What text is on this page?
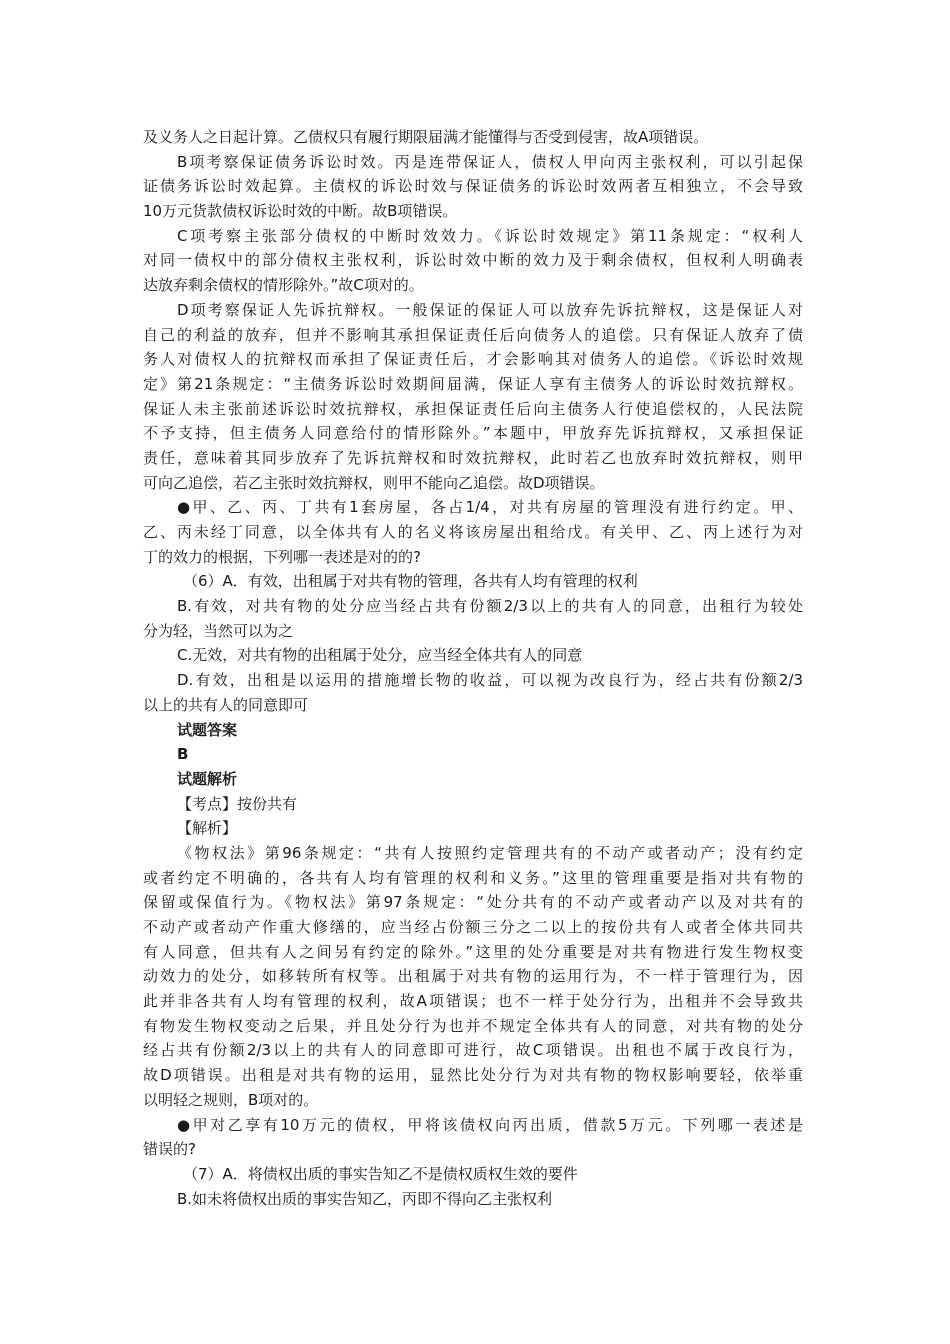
及义务人之日起计算。乙债权只有履行期限届满才能懂得与否受到侵害，故A项错误。
B项考察保证债务诉讼时效。丙是连带保证人，债权人甲向丙主张权利，可以引起保
证债务诉讼时效起算。主债权的诉讼时效与保证债务的诉讼时效两者互相独立，不会导致
10万元货款债权诉讼时效的中断。故B项错误。
C项考察主张部分债权的中断时效效力。《诉讼时效规定》第11条规定：“权利人
对同一债权中的部分债权主张权利，诉讼时效中断的效力及于剩余债权，但权利人明确表
达放弃剩余债权的情形除外。”故C项对的。
D项考察保证人先诉抗辩权。一般保证的保证人可以放弃先诉抗辩权，这是保证人对
自己的利益的放弃，但并不影响其承担保证责任后向债务人的追偿。只有保证人放弃了债
务人对债权人的抗辩权而承担了保证责任后，才会影响其对债务人的追偿。《诉讼时效规
定》第21条规定：“主债务诉讼时效期间届满，保证人享有主债务人的诉讼时效抗辩权。
保证人未主张前述诉讼时效抗辩权，承担保证责任后向主债务人行使追偿权的，人民法院
不予支持，但主债务人同意给付的情形除外。”本题中，甲放弃先诉抗辩权，又承担保证
责任，意味着其同步放弃了先诉抗辩权和时效抗辩权，此时若乙也放弃时效抗辩权，则甲
可向乙追偿，若乙主张时效抗辩权，则甲不能向乙追偿。故D项错误。
●甲、乙、丙、丁共有1套房屋，各占1/4，对共有房屋的管理没有进行约定。甲、
乙、丙未经丁同意，以全体共有人的名义将该房屋出租给戊。有关甲、乙、丙上述行为对
丁的效力的根据，下列哪一表述是对的的?
（6）A．有效，出租属于对共有物的管理，各共有人均有管理的权利
B.有效，对共有物的处分应当经占共有份额2/3以上的共有人的同意，出租行为较处
分为轻，当然可以为之
C.无效，对共有物的出租属于处分，应当经全体共有人的同意
D.有效，出租是以运用的措施增长物的收益，可以视为改良行为，经占共有份额2/3
以上的共有人的同意即可
试题答案
B
试题解析
【考点】按份共有
【解析】
《物权法》第96条规定：“共有人按照约定管理共有的不动产或者动产；没有约定
或者约定不明确的，各共有人均有管理的权利和义务。”这里的管理重要是指对共有物的
保留或保值行为。《物权法》第97条规定：“处分共有的不动产或者动产以及对共有的
不动产或者动产作重大修缮的，应当经占份额三分之二以上的按份共有人或者全体共同共
有人同意，但共有人之间另有约定的除外。”这里的处分重要是对共有物进行发生物权变
动效力的处分，如移转所有权等。出租属于对共有物的运用行为，不一样于管理行为，因
此并非各共有人均有管理的权利，故A项错误；也不一样于处分行为，出租并不会导致共
有物发生物权变动之后果，并且处分行为也并不规定全体共有人的同意，对共有物的处分
经占共有份额2/3以上的共有人的同意即可进行，故C项错误。出租也不属于改良行为，
故D项错误。出租是对共有物的运用，显然比处分行为对共有物的物权影响要轻，依举重
以明轻之规则，B项对的。
●甲对乙享有10万元的债权，甲将该债权向丙出质，借款5万元。下列哪一表述是
错误的?
（7）A．将债权出质的事实告知乙不是债权质权生效的要件
B.如未将债权出质的事实告知乙，丙即不得向乙主张权利
